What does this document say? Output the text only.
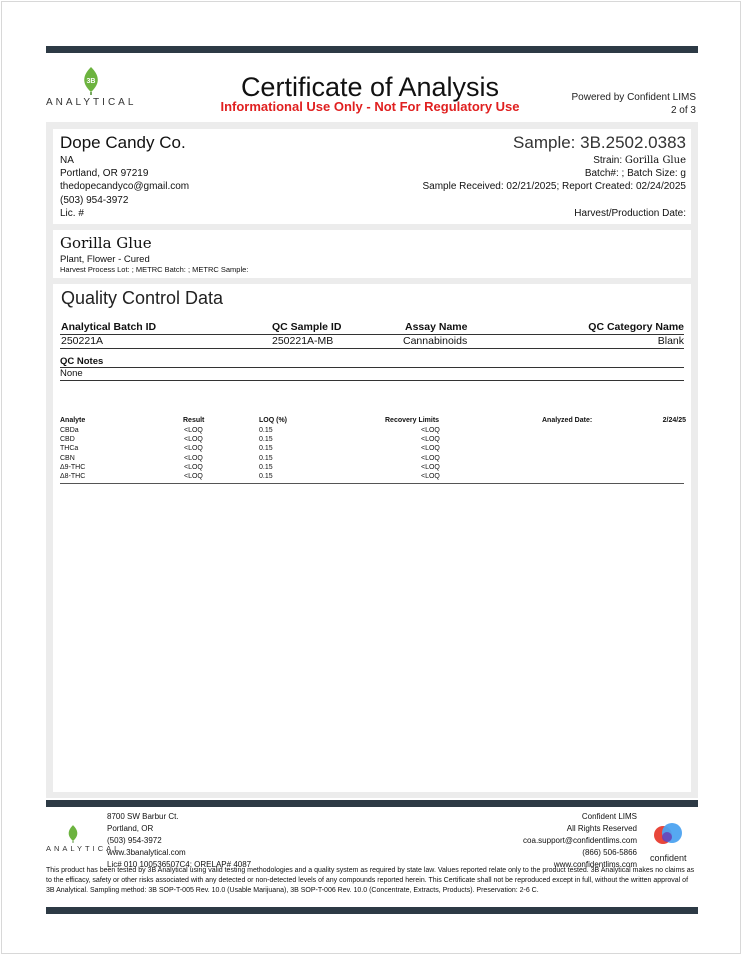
3B
ANALYTICAL
Certificate of Analysis
Informational Use Only - Not For Regulatory Use
Powered by Confident LIMS
2 of 3
Dope Candy Co.
NA
Portland, OR 97219
thedopecandyco@gmail.com
(503) 954-3972
Lic. #
Sample: 3B.2502.0383
Strain: Gorilla Glue
Batch#: ; Batch Size: g
Sample Received: 02/21/2025; Report Created: 02/24/2025
Harvest/Production Date:
Gorilla Glue
Plant, Flower - Cured
Harvest Process Lot: ; METRC Batch: ; METRC Sample:
Quality Control Data
Analytical Batch ID	QC Sample ID	Assay Name	QC Category Name
250221A	250221A-MB	Cannabinoids	Blank
QC Notes
None
Analyte	Result	LOQ (%)	Recovery Limits	Analyzed Date:	2/24/25
CBDa	<LOQ	0.15	<LOQ		
CBD	<LOQ	0.15	<LOQ		
THCa	<LOQ	0.15	<LOQ		
CBN	<LOQ	0.15	<LOQ		
Δ9-THC	<LOQ	0.15	<LOQ		
Δ8-THC	<LOQ	0.15	<LOQ		
ANALYTICAL
8700 SW Barbur Ct.
Portland, OR
(503) 954-3972
www.3banalytical.com
Lic# 010 100536507C4; ORELAP# 4087
Confident LIMS
All Rights Reserved
coa.support@confidentlims.com
(866) 506-5866
www.confidentlims.com
confident
This product has been tested by 3B Analytical using valid testing methodologies and a quality system as required by state law. Values reported relate only to the product tested. 3B Analytical makes no claims as to the efficacy, safety or other risks associated with any detected or non-detected levels of any compounds reported herein. This Certificate shall not be reproduced except in full, without the written approval of 3B Analytical. Sampling method: 3B SOP-T-005 Rev. 10.0 (Usable Marijuana), 3B SOP-T-006 Rev. 10.0 (Concentrate, Extracts, Products). Preservation: 2-6 C.
